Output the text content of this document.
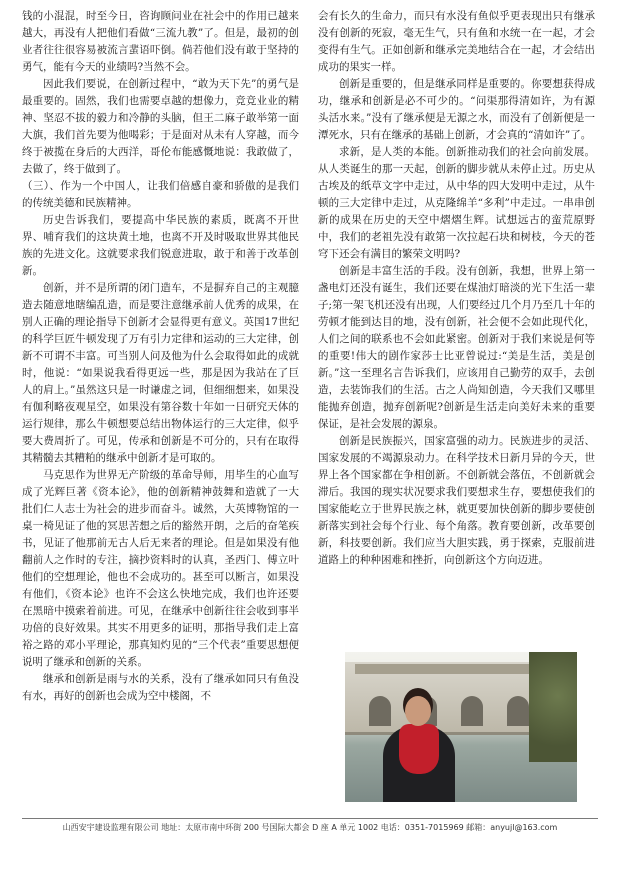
钱的小混混，时至今日，咨询顾问业在社会中的作用已越来越大，再没有人把他们看做“三流九教”了。但是，最初的创业者往往很容易被流言蜚语吓倒。倘若他们没有敢于坚持的勇气，能有今天的业绩吗?当然不会。

因此我们要说，在创新过程中，“敢为天下先”的勇气是最重要的。固然，我们也需要卓越的想像力，竞竞业业的精神、坚忍不拔的毅力和冷静的头脑，但王二麻子敢举第一面大旗，我们首先要为他喝彩；于是面对从未有人穿越，而今终于被揽在身后的大西洋，哥伦布能感慨地说：我敢做了，去做了，终于做到了。

（三）、作为一个中国人，让我们倍感自豪和骄傲的是我们的传统美德和民族精神。

历史告诉我们，要提高中华民族的素质，既离不开世界、哺育我们的这块黄土地，也离不开及时吸取世界其他民族的先进文化。这就要求我们锐意进取，敢于和善于改革创新。

创新，并不是所谓的闭门造车，不是摒弃自己的主观臆造去随意地瞎编乱造，而是要注意继承前人优秀的成果，在别人正确的理论指导下创新才会显得更有意义。英国17世纪的科学巨匠牛顿发现了万有引力定律和运动的三大定律，创新不可谓不丰富。可当别人问及他为什么会取得如此的成就时，他说：“如果说我看得更远一些，那是因为我站在了巨人的肩上。”虽然这只是一时谦虚之词，但细细想来，如果没有伽利略夜观星空，如果没有第谷数十年如一日研究天体的运行规律，那么牛顿想要总结出物体运行的三大定律，似乎要大费周折了。可见，传承和创新是不可分的，只有在取得其精髓去其糟粕的继承中创新才是可取的。

马克思作为世界无产阶级的革命导师，用毕生的心血写成了光辉巨著《资本论》，他的创新精神鼓舞和造就了一大批们仁人志士为社会的进步而奋斗。诚然，大英博物馆的一桌一椅见证了他的冥思苦想之后的豁然开朗，之后的奋笔疾书，见证了他那前无古人后无来者的理论。但是如果没有他翻前人之作时的专注，摘抄资料时的认真，圣西门、傅立叶他们的空想理论，他也不会成功的。甚至可以断言，如果没有他们，《资本论》也许不会这么快地完成，我们也许还要在黑暗中摸索着前进。可见，在继承中创新往往会收到事半功倍的良好效果。其实不用更多的证明，那指导我们走上富裕之路的邓小平理论，那真知灼见的“三个代表”重要思想便说明了继承和创新的关系。

继承和创新是雨与水的关系，没有了继承如同只有鱼没有水，再好的创新也会成为空中楼阁，不

会有长久的生命力，而只有水没有鱼似乎更表现出只有继承没有创新的死寂，毫无生气，只有鱼和水统一在一起，才会变得有生气。正如创新和继承完美地结合在一起，才会结出成功的果实一样。

创新是重要的，但是继承同样是重要的。你要想获得成功，继承和创新是必不可少的。“问渠那得清如许，为有源头活水来。”没有了继承便是无源之水，而没有了创新便是一潭死水，只有在继承的基础上创新，才会真的“清如许”了。

求新，是人类的本能。创新推动我们的社会向前发展。从人类诞生的那一天起，创新的脚步就从未停止过。历史从古埃及的纸草文字中走过，从中华的四大发明中走过，从牛顿的三大定律中走过，从克隆绵羊“多利”中走过。一串串创新的成果在历史的天空中熠熠生辉。试想远古的蛮荒原野中，我们的老祖先没有敢第一次拉起石块和树枝，今天的苍穹下还会有满目的繁荣文明吗?

创新是丰富生活的手段。没有创新，我想，世界上第一盏电灯还没有诞生，我们还要在煤油灯暗淡的光下生活一辈子;第一架飞机还没有出现，人们要经过几个月乃至几十年的劳顿才能到达目的地，没有创新，社会便不会如此现代化，人们之间的联系也不会如此紧密。创新对于我们来说是何等的重要!伟大的剧作家莎士比亚曾说过:“美是生活，美是创新。”这一至理名言告诉我们，应该用自己勤劳的双手，去创造，去装饰我们的生活。古之人尚知创造，今天我们又哪里能抛弃创造，抛弃创新呢?创新是生活走向美好未来的重要保证，是社会发展的源泉。

创新是民族振兴，国家富强的动力。民族进步的灵活、国家发展的不竭源泉动力。在科学技术日新月异的今天，世界上各个国家都在争相创新。不创新就会落伍，不创新就会滞后。我国的现实状况要求我们要想求生存，要想使我们的国家能屹立于世界民族之林，就更要加快创新的脚步要使创新落实到社会每个行业、每个角落。教育要创新，改革要创新，科技要创新。我们应当大胆实践，勇于探索，克服前进道路上的种种困难和挫折，向创新这个方向迈进。

山西安宇建设监理有限公司 地址：太原市南中环街 200 号国际大都会 D 座 A 单元 1002 电话：0351-7015969 邮箱：anyujl@163.com
